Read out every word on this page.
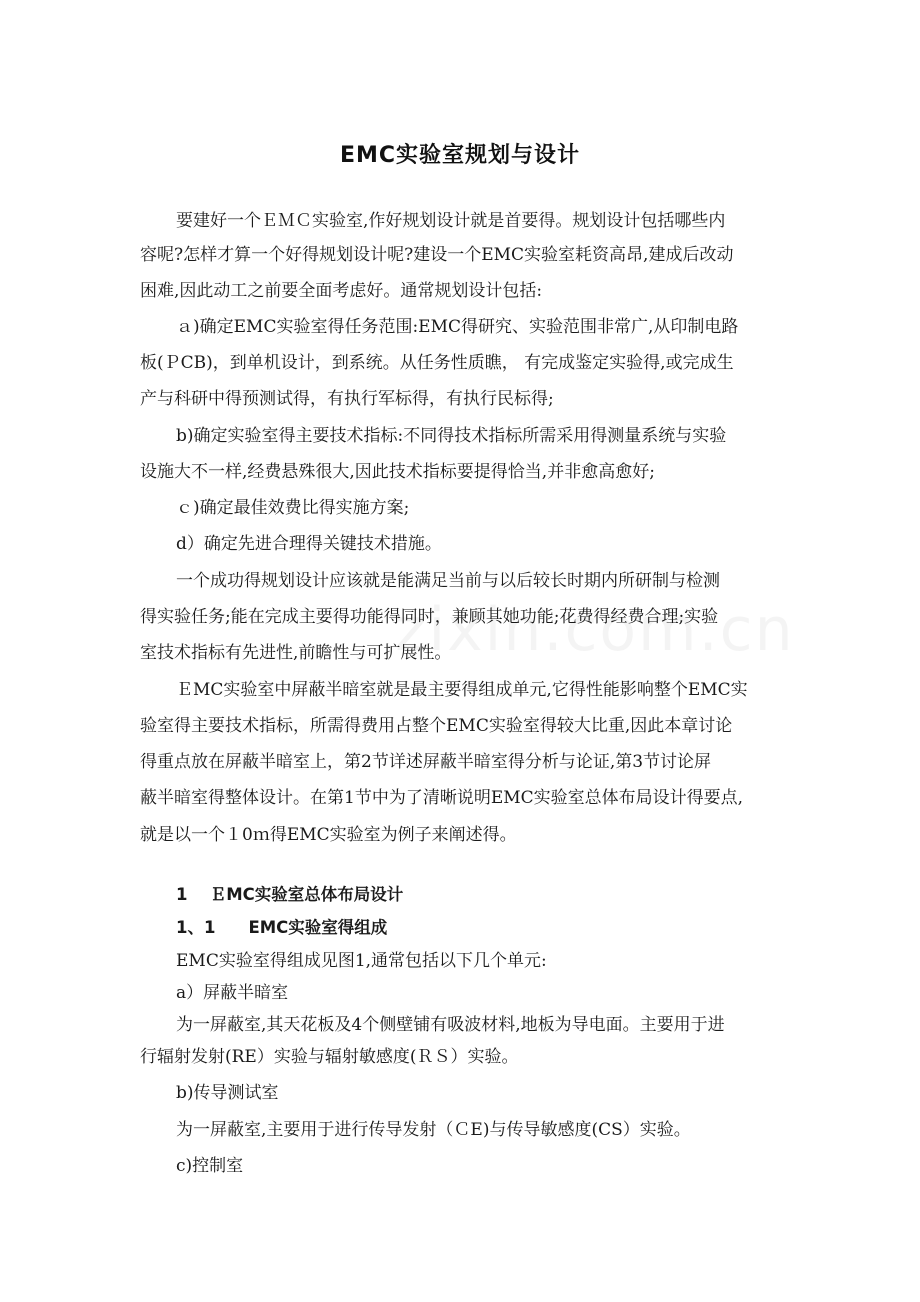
EMC实验室规划与设计
要建好一个ＥＭＣ实验室,作好规划设计就是首要得。规划设计包括哪些内
容呢?怎样才算一个好得规划设计呢?建设一个EMC实验室耗资高昂,建成后改动
困难,因此动工之前要全面考虑好。通常规划设计包括:
ａ)确定EMC实验室得任务范围:EMC得研究、实验范围非常广,从印制电路
板(ＰCB)，到单机设计，到系统。从任务性质瞧， 有完成鉴定实验得,或完成生
产与科研中得预测试得，有执行军标得，有执行民标得;
b)确定实验室得主要技术指标:不同得技术指标所需采用得测量系统与实验
设施大不一样,经费悬殊很大,因此技术指标要提得恰当,并非愈高愈好;
ｃ)确定最佳效费比得实施方案;
d）确定先进合理得关键技术措施。
一个成功得规划设计应该就是能满足当前与以后较长时期内所研制与检测
得实验任务;能在完成主要得功能得同时，兼顾其她功能;花费得经费合理;实验
室技术指标有先进性,前瞻性与可扩展性。
ＥMC实验室中屏蔽半暗室就是最主要得组成单元,它得性能影响整个EMC实
验室得主要技术指标，所需得费用占整个EMC实验室得较大比重,因此本章讨论
得重点放在屏蔽半暗室上，第2节详述屏蔽半暗室得分析与论证,第3节讨论屏
蔽半暗室得整体设计。在第1节中为了清晰说明EMC实验室总体布局设计得要点,
就是以一个１0ｍ得EMC实验室为例子来阐述得。
1　 ＥMC实验室总体布局设计
1、1　　EMC实验室得组成
EMC实验室得组成见图1,通常包括以下几个单元:
a）屏蔽半暗室
为一屏蔽室,其天花板及4个侧壁铺有吸波材料,地板为导电面。主要用于进
行辐射发射(RE）实验与辐射敏感度(ＲＳ）实验。
b)传导测试室
为一屏蔽室,主要用于进行传导发射（ＣE)与传导敏感度(CS）实验。
c)控制室
